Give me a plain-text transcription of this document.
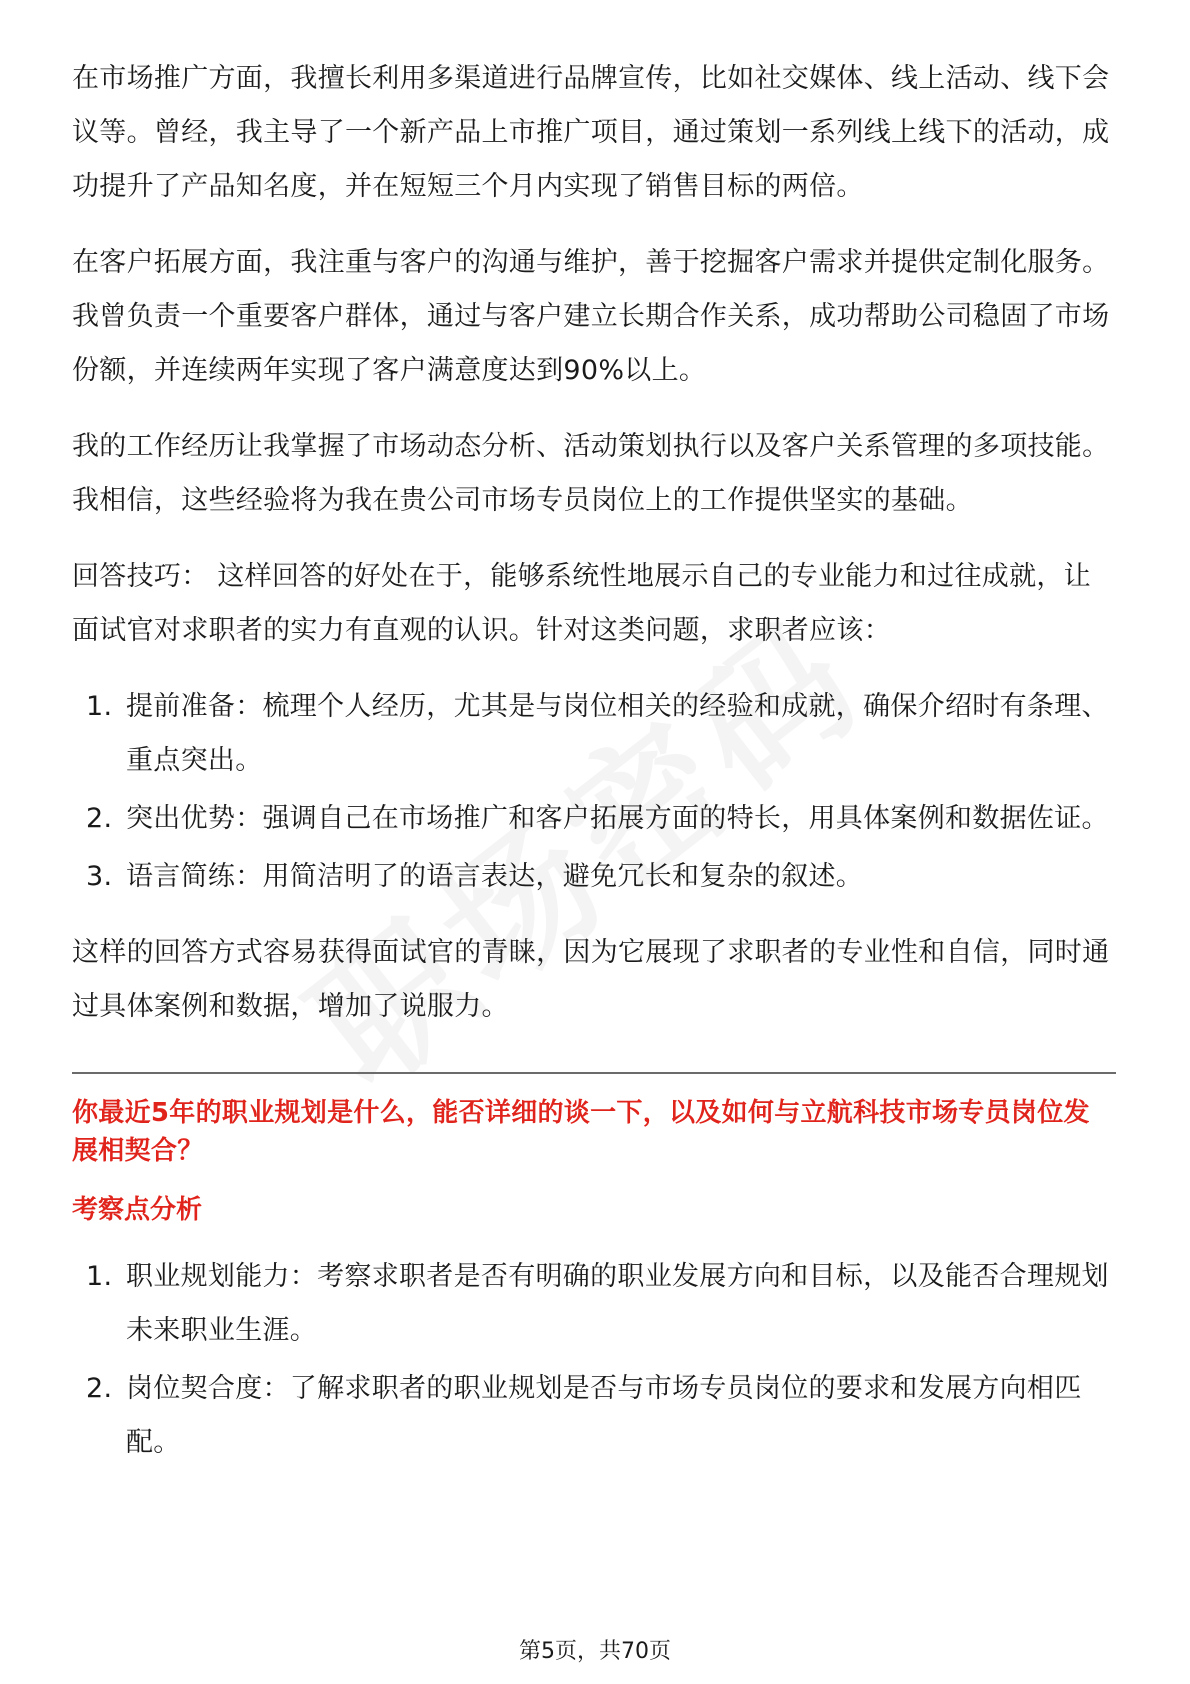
在市场推广方面，我擅长利用多渠道进行品牌宣传，比如社交媒体、线上活动、线下会议等。曾经，我主导了一个新产品上市推广项目，通过策划一系列线上线下的活动，成功提升了产品知名度，并在短短三个月内实现了销售目标的两倍。

在客户拓展方面，我注重与客户的沟通与维护，善于挖掘客户需求并提供定制化服务。我曾负责一个重要客户群体，通过与客户建立长期合作关系，成功帮助公司稳固了市场份额，并连续两年实现了客户满意度达到90%以上。

我的工作经历让我掌握了市场动态分析、活动策划执行以及客户关系管理的多项技能。我相信，这些经验将为我在贵公司市场专员岗位上的工作提供坚实的基础。

回答技巧： 这样回答的好处在于，能够系统性地展示自己的专业能力和过往成就，让面试官对求职者的实力有直观的认识。针对这类问题，求职者应该：

1. 提前准备：梳理个人经历，尤其是与岗位相关的经验和成就，确保介绍时有条理、重点突出。
2. 突出优势：强调自己在市场推广和客户拓展方面的特长，用具体案例和数据佐证。
3. 语言简练：用简洁明了的语言表达，避免冗长和复杂的叙述。

这样的回答方式容易获得面试官的青睐，因为它展现了求职者的专业性和自信，同时通过具体案例和数据，增加了说服力。

你最近5年的职业规划是什么，能否详细的谈一下，以及如何与立航科技市场专员岗位发展相契合？
考察点分析
1. 职业规划能力：考察求职者是否有明确的职业发展方向和目标，以及能否合理规划未来职业生涯。
2. 岗位契合度：了解求职者的职业规划是否与市场专员岗位的要求和发展方向相匹配。
第5页，共70页
